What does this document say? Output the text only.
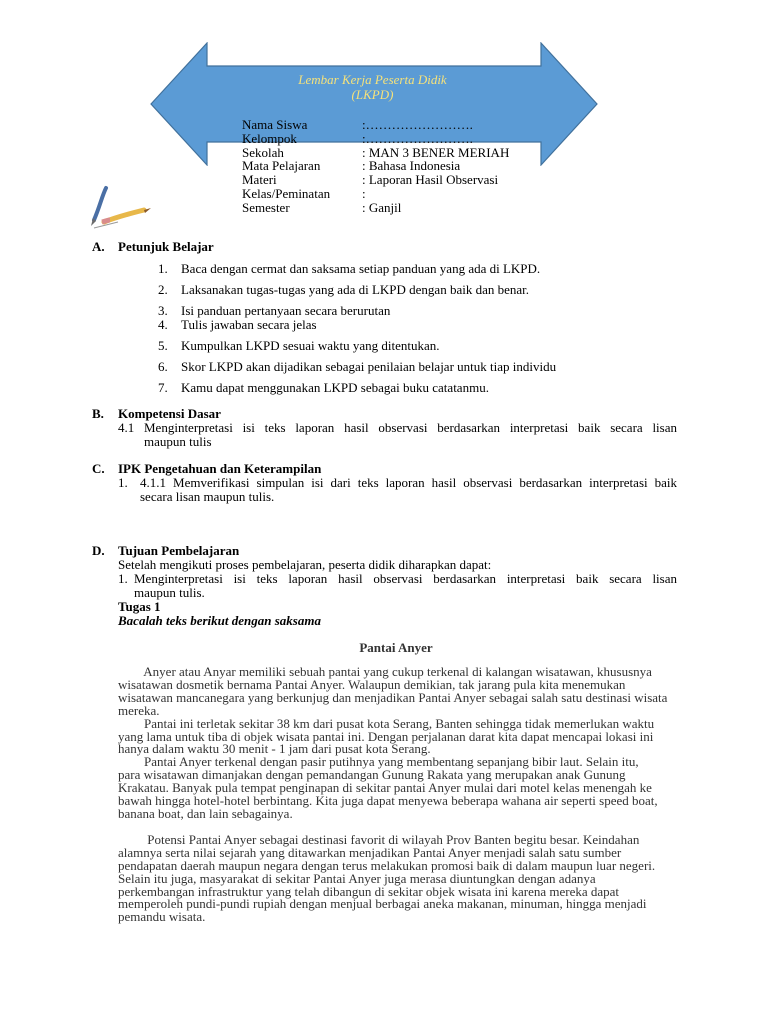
Lembar Kerja Peserta Didik
(LKPD)
Nama Siswa	:…………………….
Kelompok	:…………………….
Sekolah	: MAN 3 BENER MERIAH
Mata Pelajaran	: Bahasa Indonesia
Materi	: Laporan Hasil Observasi
Kelas/Peminatan	:
Semester	: Ganjil
A. Petunjuk Belajar
1. Baca dengan cermat dan saksama setiap panduan yang ada di LKPD.
2. Laksanakan tugas-tugas yang ada di LKPD dengan baik dan benar.
3. Isi panduan pertanyaan secara berurutan
4. Tulis jawaban secara jelas
5. Kumpulkan LKPD sesuai waktu yang ditentukan.
6. Skor LKPD akan dijadikan sebagai penilaian belajar untuk tiap individu
7. Kamu dapat menggunakan LKPD sebagai buku catatanmu.
B. Kompetensi Dasar
4.1 Menginterpretasi isi teks laporan hasil observasi berdasarkan interpretasi baik secara lisan
maupun tulis
C. IPK Pengetahuan dan Keterampilan
1. 4.1.1 Memverifikasi simpulan isi dari teks laporan hasil observasi berdasarkan interpretasi baik
secara lisan maupun tulis.
D. Tujuan Pembelajaran
Setelah mengikuti proses pembelajaran, peserta didik diharapkan dapat:
1. Menginterpretasi isi teks laporan hasil observasi berdasarkan interpretasi baik secara lisan
maupun tulis.
Tugas 1
Bacalah teks berikut dengan saksama
Pantai Anyer

Anyer atau Anyar memiliki sebuah pantai yang cukup terkenal di kalangan wisatawan, khususnya
wisatawan dosmetik bernama Pantai Anyer. Walaupun demikian, tak jarang pula kita menemukan
wisatawan mancanegara yang berkunjug dan menjadikan Pantai Anyer sebagai salah satu destinasi wisata
mereka.

Pantai ini terletak sekitar 38 km dari pusat kota Serang, Banten sehingga tidak memerlukan waktu
yang lama untuk tiba di objek wisata pantai ini. Dengan perjalanan darat kita dapat mencapai lokasi ini
hanya dalam waktu 30 menit - 1 jam dari pusat kota Serang.

Pantai Anyer terkenal dengan pasir putihnya yang membentang sepanjang bibir laut. Selain itu,
para wisatawan dimanjakan dengan pemandangan Gunung Rakata yang merupakan anak Gunung
Krakatau. Banyak pula tempat penginapan di sekitar pantai Anyer mulai dari motel kelas menengah ke
bawah hingga hotel-hotel berbintang. Kita juga dapat menyewa beberapa wahana air seperti speed boat,
banana boat, dan lain sebagainya.

Potensi Pantai Anyer sebagai destinasi favorit di wilayah Prov Banten begitu besar. Keindahan
alamnya serta nilai sejarah yang ditawarkan menjadikan Pantai Anyer menjadi salah satu sumber
pendapatan daerah maupun negara dengan terus melakukan promosi baik di dalam maupun luar negeri.
Selain itu juga, masyarakat di sekitar Pantai Anyer juga merasa diuntungkan dengan adanya
perkembangan infrastruktur yang telah dibangun di sekitar objek wisata ini karena mereka dapat
memperoleh pundi-pundi rupiah dengan menjual berbagai aneka makanan, minuman, hingga menjadi
pemandu wisata.
